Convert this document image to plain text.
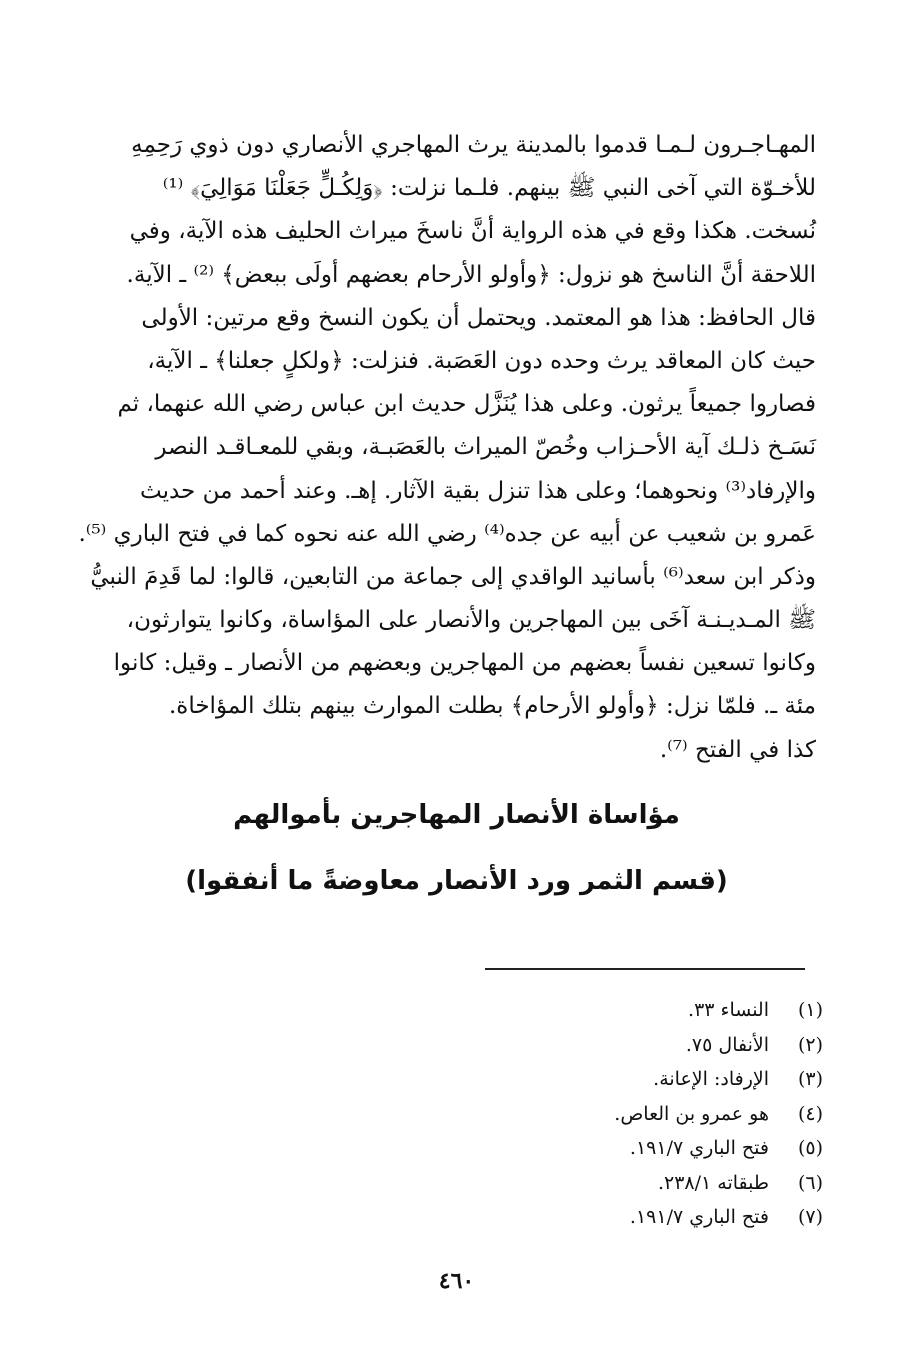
المهـاجـرون لـمـا قدموا بالمدينة يرث المهاجري الأنصاري دون ذوي رَحِمِهِ
للأخـوّة التي آخى النبي ﷺ بينهم. فلـما نزلت: ﴿وَلِكُـلٍّ جَعَلْنَا مَوَالِيَ﴾ ⁽¹⁾
نُسخت. هكذا وقع في هذه الرواية أنَّ ناسخَ ميراث الحليف هذه الآية، وفي
اللاحقة أنَّ الناسخ هو نزول: ﴿وأولو الأرحام بعضهم أولَى ببعض﴾ ⁽²⁾ ـ الآية.
قال الحافظ: هذا هو المعتمد. ويحتمل أن يكون النسخ وقع مرتين: الأولى
حيث كان المعاقد يرث وحده دون العَصَبة. فنزلت: ﴿ولكلٍ جعلنا﴾ ـ الآية،
فصاروا جميعاً يرثون. وعلى هذا يُنَزَّل حديث ابن عباس رضي الله عنهما، ثم
نَسَـخ ذلـك آية الأحـزاب وخُصّ الميراث بالعَصَبـة، وبقي للمعـاقـد النصر
والإرفاد⁽³⁾ ونحوهما؛ وعلى هذا تنزل بقية الآثار. إهـ. وعند أحمد من حديث
عَمرو بن شعيب عن أبيه عن جده⁽⁴⁾ رضي الله عنه نحوه كما في فتح الباري ⁽⁵⁾.
وذكر ابن سعد⁽⁶⁾ بأسانيد الواقدي إلى جماعة من التابعين، قالوا: لما قَدِمَ النبيُّ
ﷺ المـديـنـة آخَى بين المهاجرين والأنصار على المؤاساة، وكانوا يتوارثون،
وكانوا تسعين نفساً بعضهم من المهاجرين وبعضهم من الأنصار ـ وقيل: كانوا
مئة ـ. فلمّا نزل: ﴿وأولو الأرحام﴾ بطلت الموارث بينهم بتلك المؤاخاة.
كذا في الفتح ⁽⁷⁾.
مؤاساة الأنصار المهاجرين بأموالهم
(قسم الثمر ورد الأنصار معاوضةً ما أنفقوا)
(١)النساء ٣٣.
(٢)الأنفال ٧٥.
(٣)الإرفاد: الإعانة.
(٤)هو عمرو بن العاص.
(٥)فتح الباري ١٩١/٧.
(٦)طبقاته ٢٣٨/١.
(٧)فتح الباري ١٩١/٧.
٤٦٠
